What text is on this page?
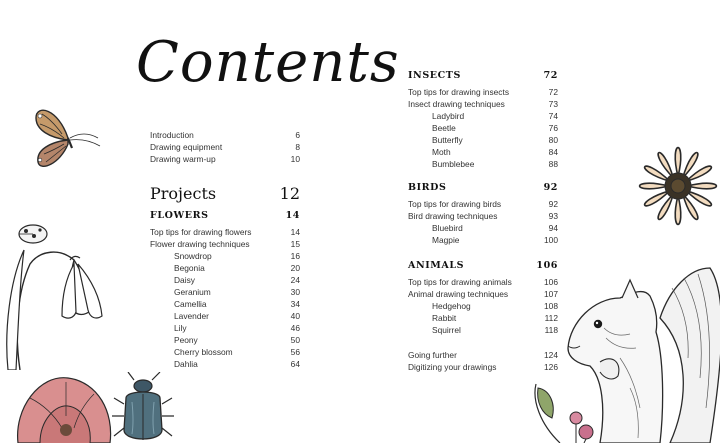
Contents
Introduction	6
Drawing equipment	8
Drawing warm-up	10
Projects	12
FLOWERS	14
Top tips for drawing flowers	14
Flower drawing techniques	15
Snowdrop	16
Begonia	20
Daisy	24
Geranium	30
Camellia	34
Lavender	40
Lily	46
Peony	50
Cherry blossom	56
Dahlia	64
INSECTS	72
Top tips for drawing insects	72
Insect drawing techniques	73
Ladybird	74
Beetle	76
Butterfly	80
Moth	84
Bumblebee	88
BIRDS	92
Top tips for drawing birds	92
Bird drawing techniques	93
Bluebird	94
Magpie	100
ANIMALS	106
Top tips for drawing animals	106
Animal drawing techniques	107
Hedgehog	108
Rabbit	112
Squirrel	118
Going further	124
Digitizing your drawings	126
